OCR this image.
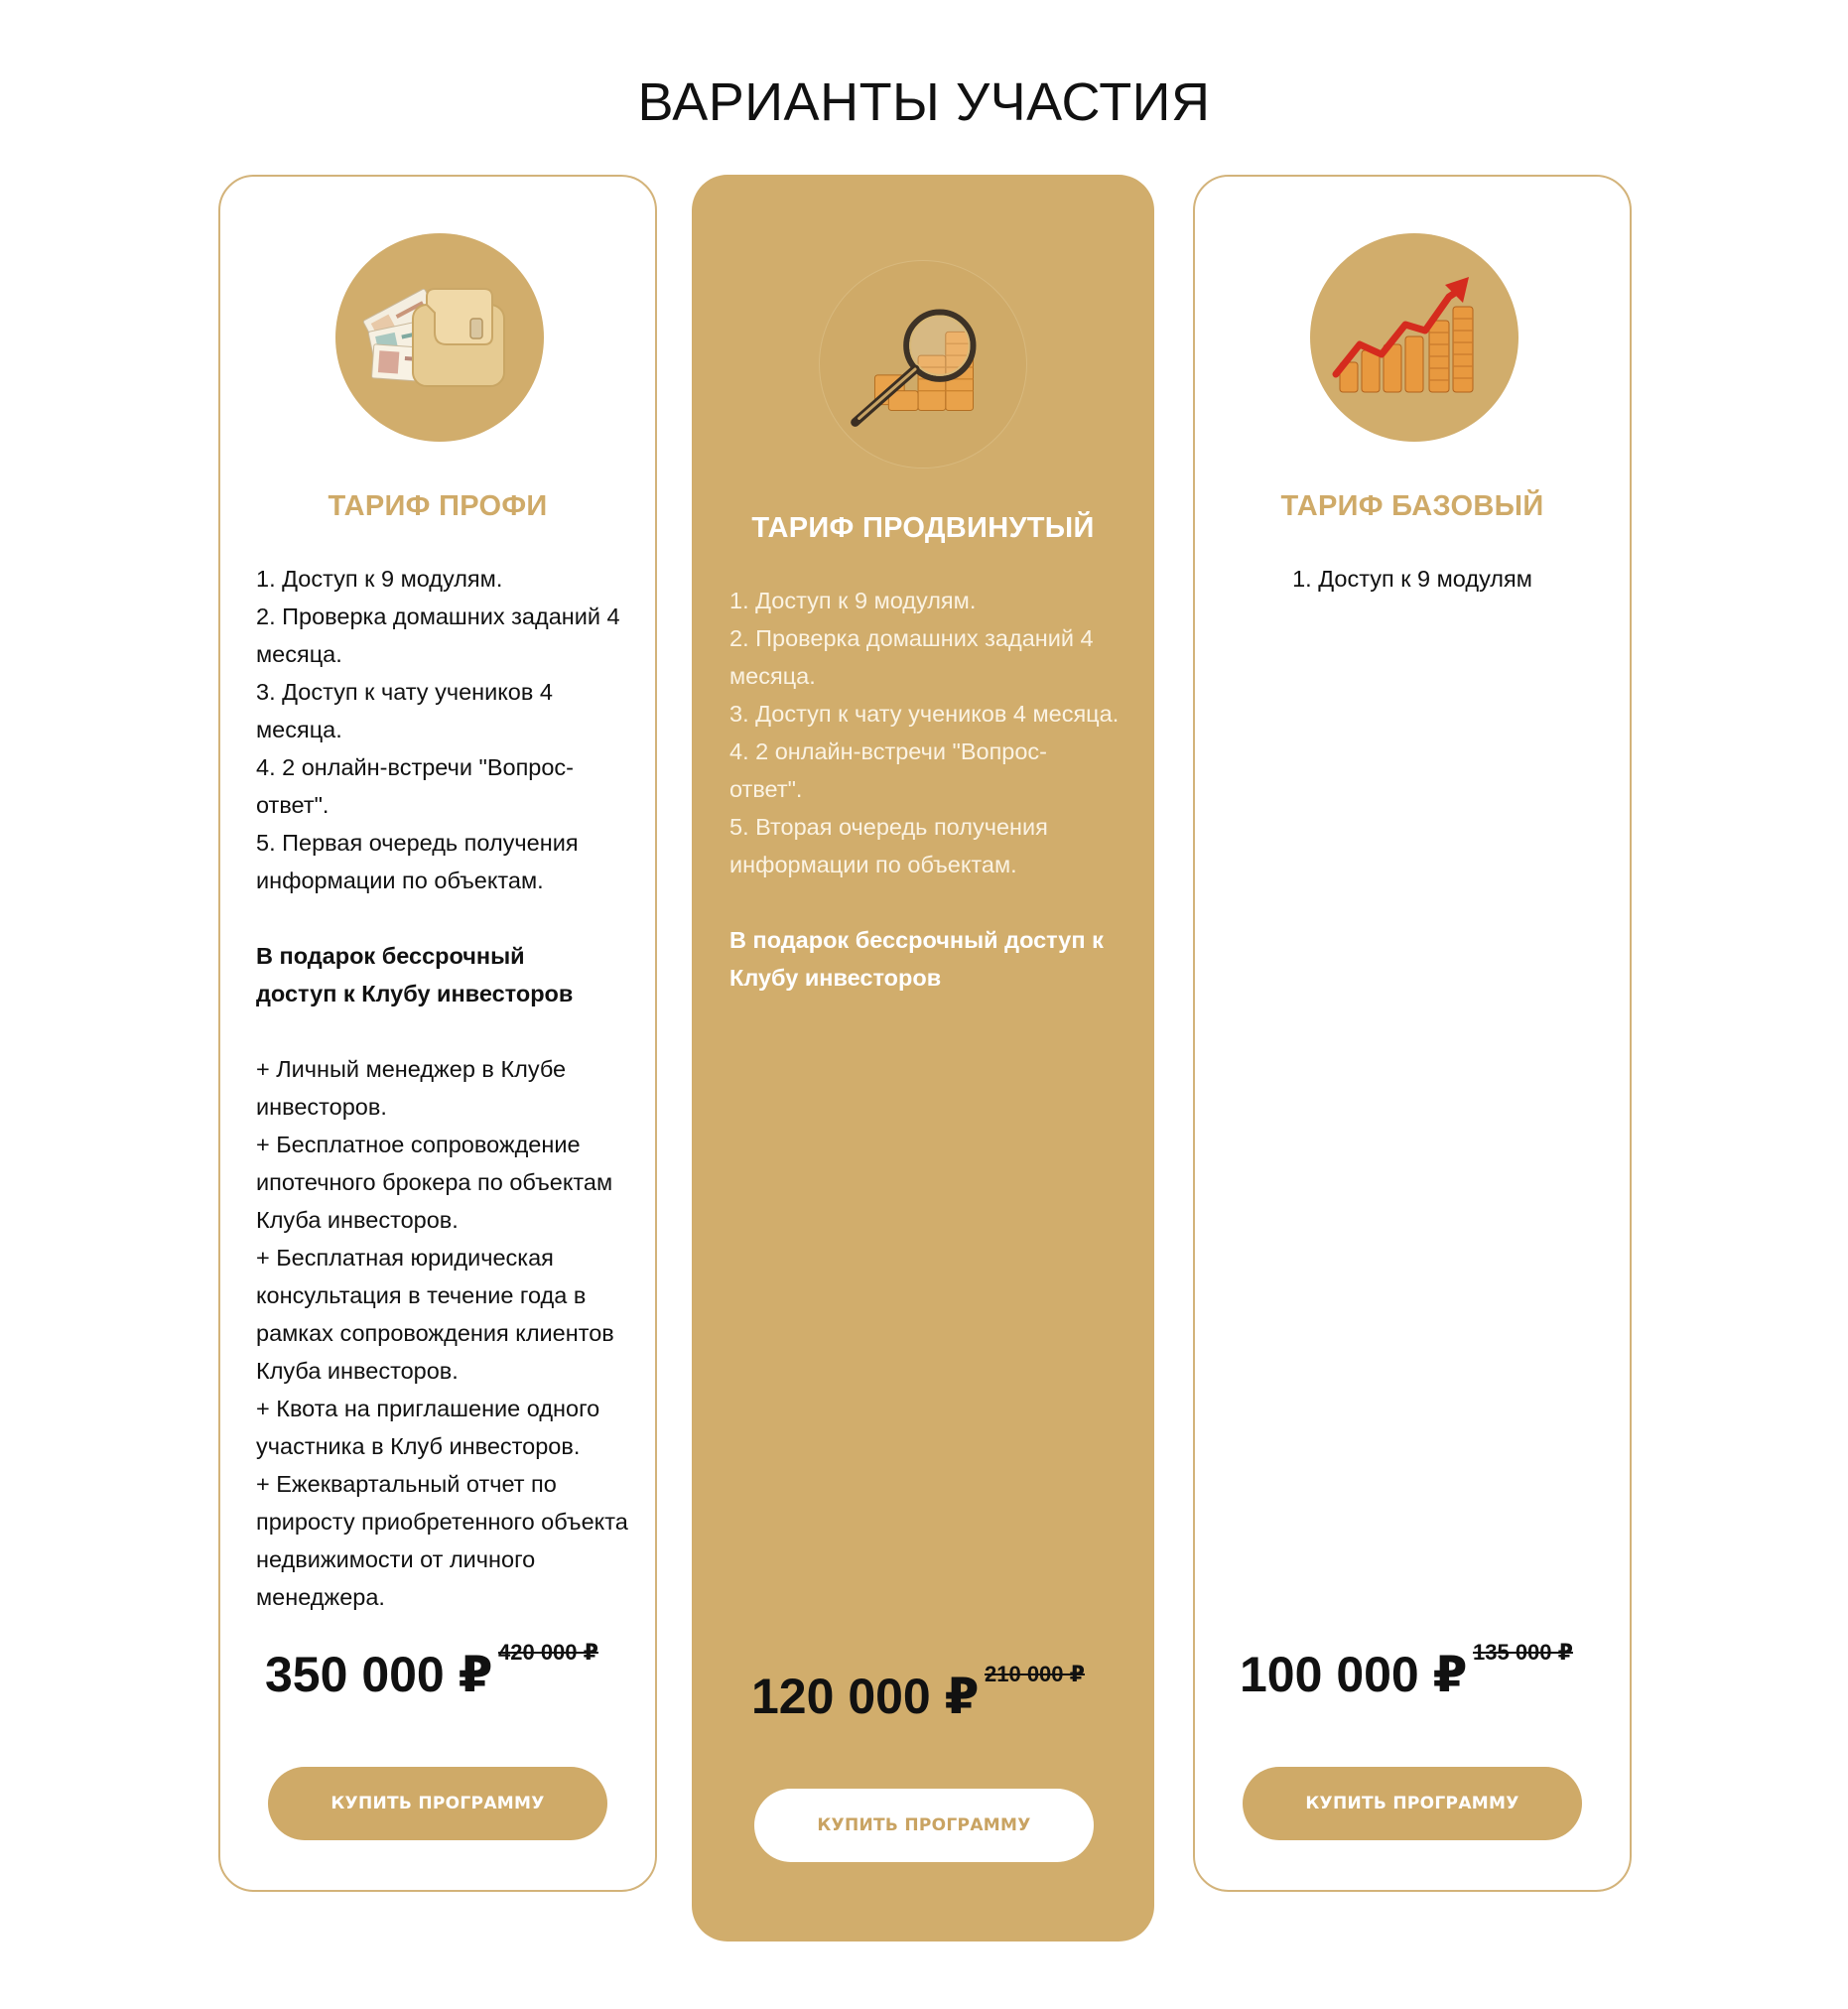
ВАРИАНТЫ УЧАСТИЯ
ТАРИФ ПРОФИ

1. Доступ к 9 модулям.

2. Проверка домашних заданий 4 месяца.

3. Доступ к чату учеников 4 месяца.

4. 2 онлайн-встречи "Вопрос-ответ".

5. Первая очередь получения информации по объектам.

В подарок бессрочный доступ к Клубу инвесторов

+ Личный менеджер в Клубе инвесторов.

+ Бесплатное сопровождение ипотечного брокера по объектам Клуба инвесторов.

+ Бесплатная юридическая консультация в течение года в рамках сопровождения клиентов Клуба инвесторов.

+ Квота на приглашение одного участника в Клуб инвесторов.

+ Ежеквартальный отчет по приросту приобретенного объекта недвижимости от личного менеджера.

350 000 ₽ 420 000 ₽
КУПИТЬ ПРОГРАММУ
ТАРИФ ПРОДВИНУТЫЙ

1. Доступ к 9 модулям.

2. Проверка домашних заданий 4 месяца.

3. Доступ к чату учеников 4 месяца.

4. 2 онлайн-встречи "Вопрос-ответ".

5. Вторая очередь получения информации по объектам.

В подарок бессрочный доступ к Клубу инвесторов

120 000 ₽ 210 000 ₽
КУПИТЬ ПРОГРАММУ
ТАРИФ БАЗОВЫЙ

1. Доступ к 9 модулям

100 000 ₽ 135 000 ₽
КУПИТЬ ПРОГРАММУ
